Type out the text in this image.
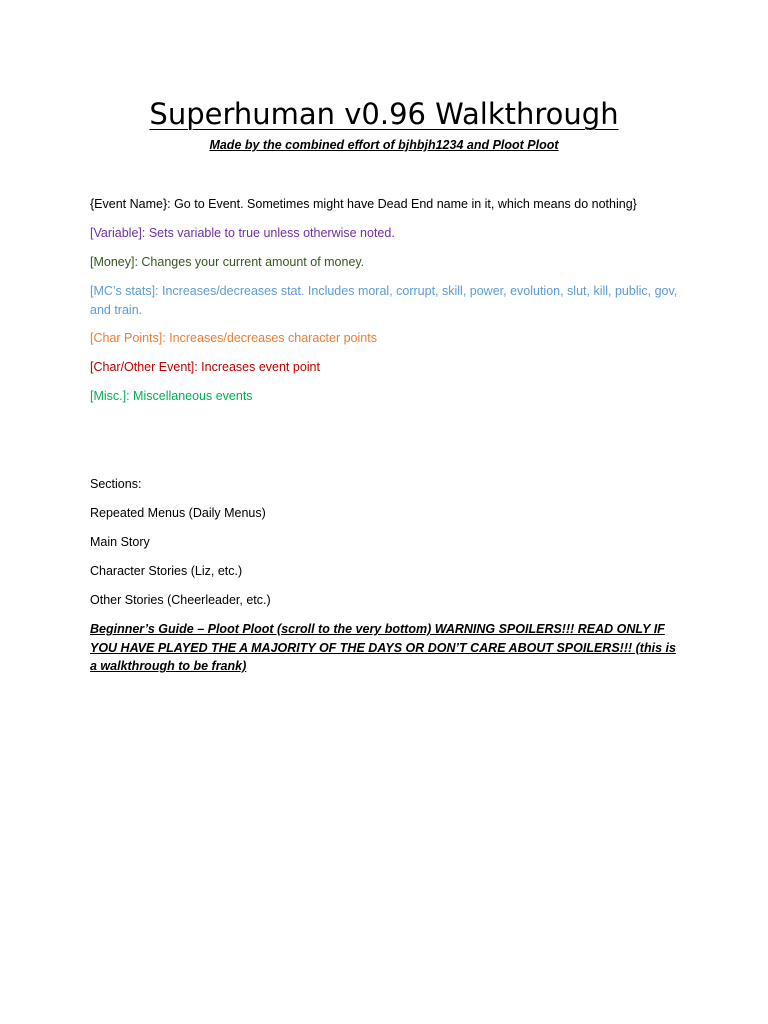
Superhuman v0.96 Walkthrough

Made by the combined effort of bjhbjh1234 and Ploot Ploot

{Event Name}: Go to Event. Sometimes might have Dead End name in it, which means do nothing}

[Variable]: Sets variable to true unless otherwise noted.

[Money]: Changes your current amount of money.

[MC’s stats]: Increases/decreases stat. Includes moral, corrupt, skill, power, evolution, slut, kill, public, gov, and train.

[Char Points]: Increases/decreases character points

[Char/Other Event]: Increases event point

[Misc.]: Miscellaneous events

Sections:

Repeated Menus (Daily Menus)

Main Story

Character Stories (Liz, etc.)

Other Stories (Cheerleader, etc.)

Beginner’s Guide – Ploot Ploot (scroll to the very bottom) WARNING SPOILERS!!! READ ONLY IF YOU HAVE PLAYED THE A MAJORITY OF THE DAYS OR DON’T CARE ABOUT SPOILERS!!! (this is a walkthrough to be frank)
